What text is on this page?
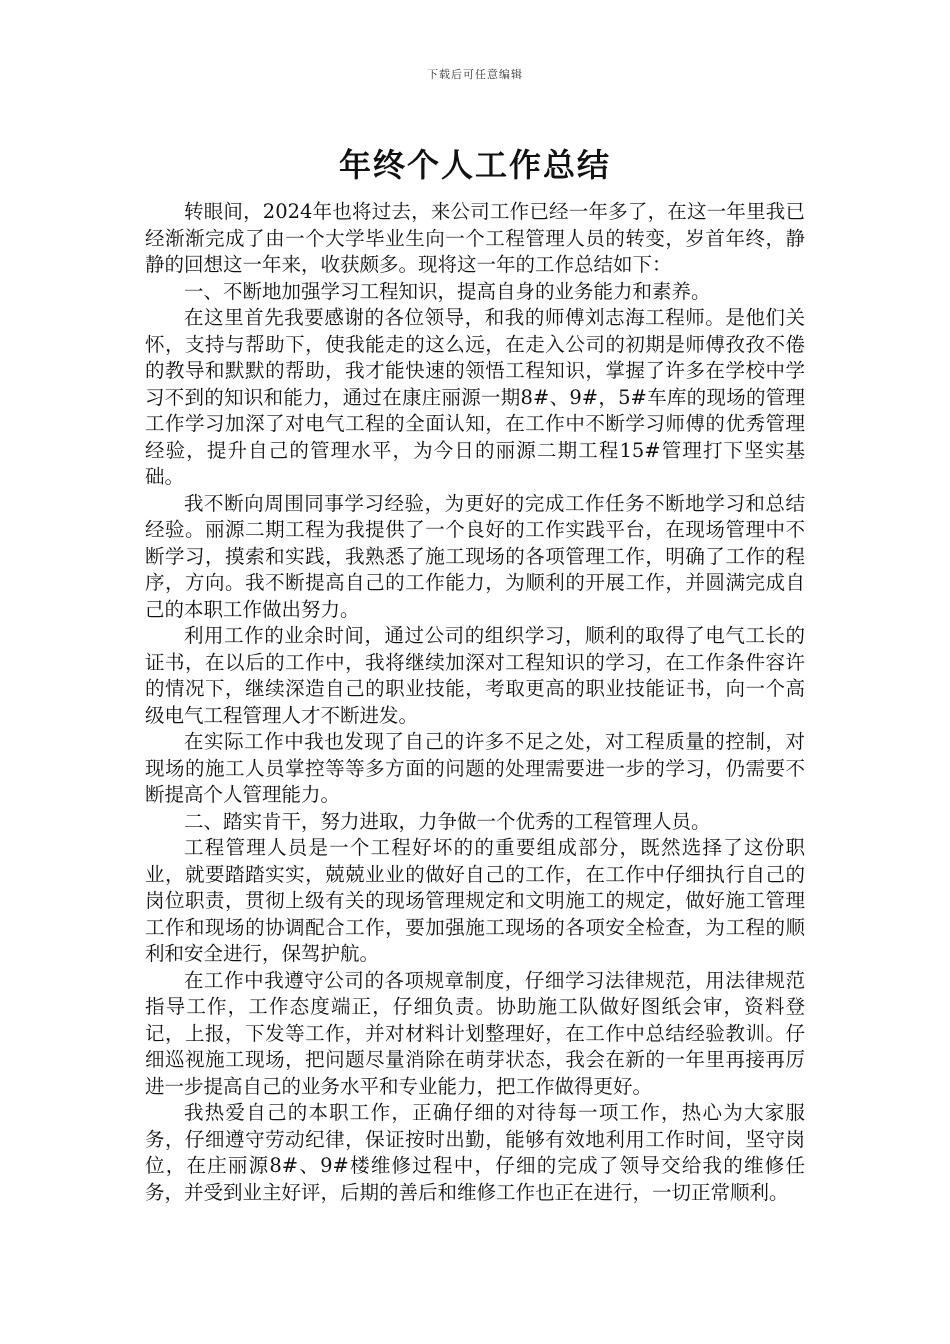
下载后可任意编辑
年终个人工作总结

转眼间，2024年也将过去，来公司工作已经一年多了，在这一年里我已经渐渐完成了由一个大学毕业生向一个工程管理人员的转变，岁首年终，静静的回想这一年来，收获颇多。现将这一年的工作总结如下：

一、不断地加强学习工程知识，提高自身的业务能力和素养。

在这里首先我要感谢的各位领导，和我的师傅刘志海工程师。是他们关怀，支持与帮助下，使我能走的这么远，在走入公司的初期是师傅孜孜不倦的教导和默默的帮助，我才能快速的领悟工程知识，掌握了许多在学校中学习不到的知识和能力，通过在康庄丽源一期8#、9#，5#车库的现场的管理工作学习加深了对电气工程的全面认知，在工作中不断学习师傅的优秀管理经验，提升自己的管理水平，为今日的丽源二期工程15#管理打下坚实基础。

我不断向周围同事学习经验，为更好的完成工作任务不断地学习和总结经验。丽源二期工程为我提供了一个良好的工作实践平台，在现场管理中不断学习，摸索和实践，我熟悉了施工现场的各项管理工作，明确了工作的程序，方向。我不断提高自己的工作能力，为顺利的开展工作，并圆满完成自己的本职工作做出努力。

利用工作的业余时间，通过公司的组织学习，顺利的取得了电气工长的证书，在以后的工作中，我将继续加深对工程知识的学习，在工作条件容许的情况下，继续深造自己的职业技能，考取更高的职业技能证书，向一个高级电气工程管理人才不断进发。

在实际工作中我也发现了自己的许多不足之处，对工程质量的控制，对现场的施工人员掌控等等多方面的问题的处理需要进一步的学习，仍需要不断提高个人管理能力。

二、踏实肯干，努力进取，力争做一个优秀的工程管理人员。

工程管理人员是一个工程好坏的的重要组成部分，既然选择了这份职业，就要踏踏实实，兢兢业业的做好自己的工作，在工作中仔细执行自己的岗位职责，贯彻上级有关的现场管理规定和文明施工的规定，做好施工管理工作和现场的协调配合工作，要加强施工现场的各项安全检查，为工程的顺利和安全进行，保驾护航。

在工作中我遵守公司的各项规章制度，仔细学习法律规范，用法律规范指导工作，工作态度端正，仔细负责。协助施工队做好图纸会审，资料登记，上报，下发等工作，并对材料计划整理好，在工作中总结经验教训。仔细巡视施工现场，把问题尽量消除在萌芽状态，我会在新的一年里再接再厉进一步提高自己的业务水平和专业能力，把工作做得更好。

我热爱自己的本职工作，正确仔细的对待每一项工作，热心为大家服务，仔细遵守劳动纪律，保证按时出勤，能够有效地利用工作时间，坚守岗位，在庄丽源8#、9#楼维修过程中，仔细的完成了领导交给我的维修任务，并受到业主好评，后期的善后和维修工作也正在进行，一切正常顺利。
